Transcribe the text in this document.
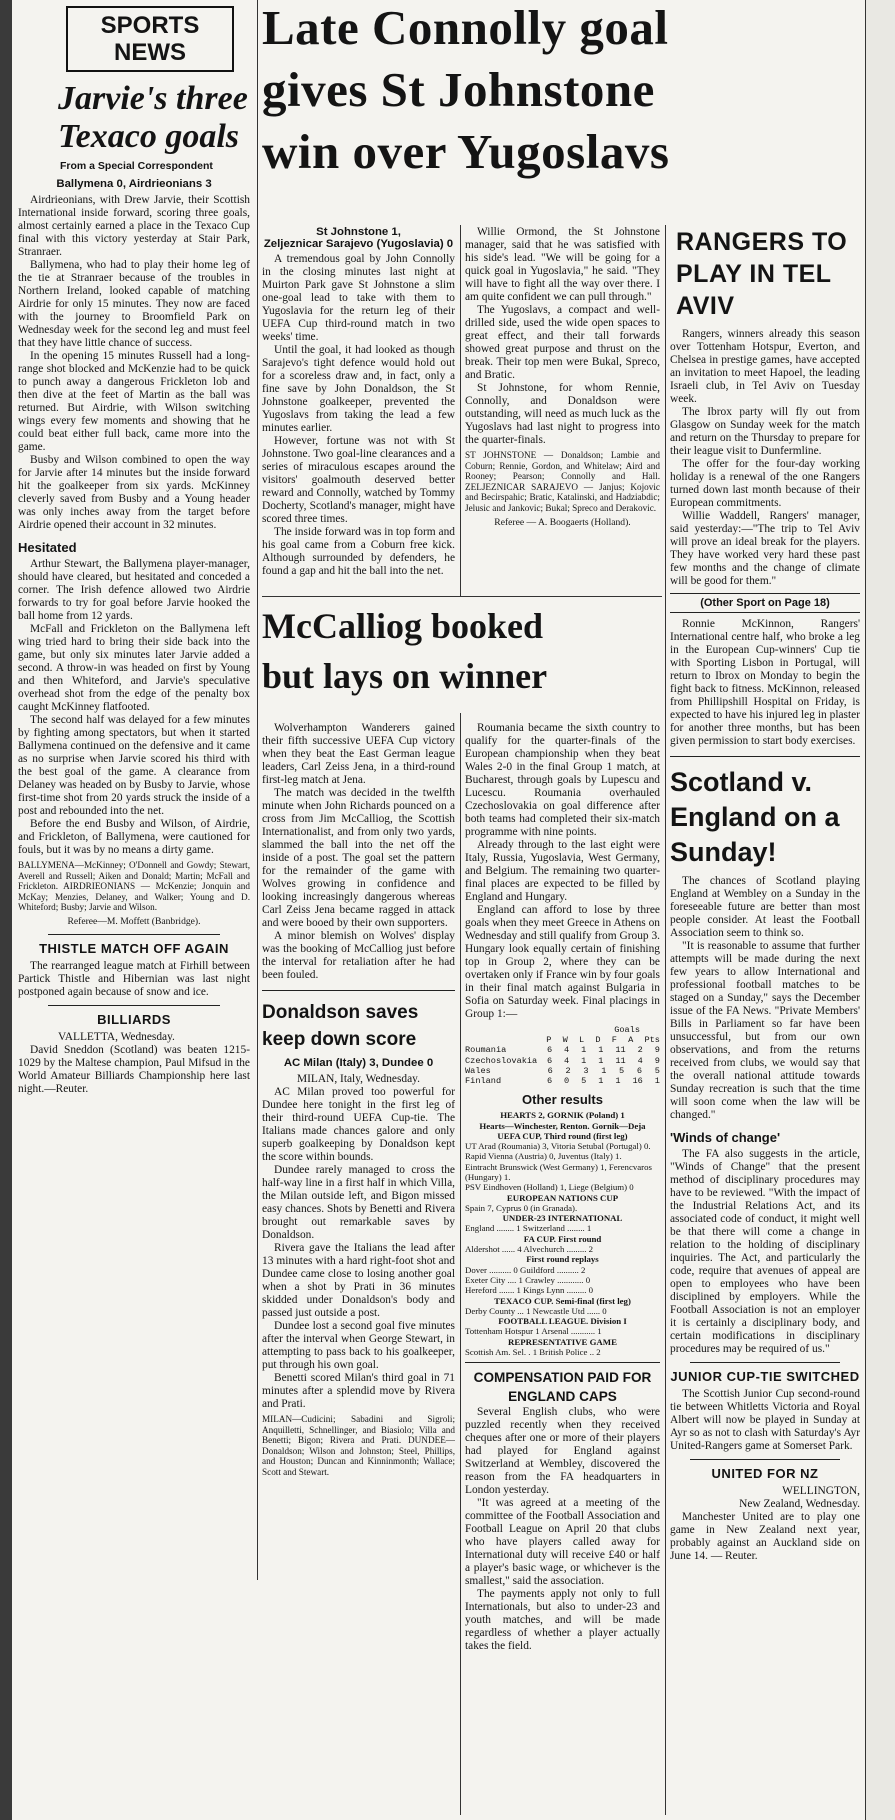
SPORTS
NEWS
Jarvie's three Texaco goals
From a Special Correspondent
Ballymena 0, Airdrieonians 3

Airdrieonians, with Drew Jarvie, their Scottish International inside forward, scoring three goals, almost certainly earned a place in the Texaco Cup final with this victory yesterday at Stair Park, Stranraer.

Ballymena, who had to play their home leg of the tie at Stranraer because of the troubles in Northern Ireland, looked capable of matching Airdrie for only 15 minutes. They now are faced with the journey to Broomfield Park on Wednesday week for the second leg and must feel that they have little chance of success.

In the opening 15 minutes Russell had a long-range shot blocked and McKenzie had to be quick to punch away a dangerous Frickleton lob and then dive at the feet of Martin as the ball was returned. But Airdrie, with Wilson switching wings every few moments and showing that he could beat either full back, came more into the game.

Busby and Wilson combined to open the way for Jarvie after 14 minutes but the inside forward hit the goalkeeper from six yards. McKinney cleverly saved from Busby and a Young header was only inches away from the target before Airdrie opened their account in 32 minutes.

Hesitated

Arthur Stewart, the Ballymena player-manager, should have cleared, but hesitated and conceded a corner. The Irish defence allowed two Airdrie forwards to try for goal before Jarvie hooked the ball home from 12 yards.

McFall and Frickleton on the Ballymena left wing tried hard to bring their side back into the game, but only six minutes later Jarvie added a second. A throw-in was headed on first by Young and then Whiteford, and Jarvie's speculative overhead shot from the edge of the penalty box caught McKinney flatfooted.

The second half was delayed for a few minutes by fighting among spectators, but when it started Ballymena continued on the defensive and it came as no surprise when Jarvie scored his third with the best goal of the game. A clearance from Delaney was headed on by Busby to Jarvie, whose first-time shot from 20 yards struck the inside of a post and rebounded into the net.

Before the end Busby and Wilson, of Airdrie, and Frickleton, of Ballymena, were cautioned for fouls, but it was by no means a dirty game.

BALLYMENA—McKinney; O'Donnell and Gowdy; Stewart, Averell and Russell; Aiken and Donald; Martin; McFall and Frickleton. AIRDRIEONIANS — McKenzie; Jonquin and McKay; Menzies, Delaney, and Walker; Young and D. Whiteford; Busby; Jarvie and Wilson.

Referee—M. Moffett (Banbridge).

THISTLE MATCH OFF AGAIN

The rearranged league match at Firhill between Partick Thistle and Hibernian was last night postponed again because of snow and ice.

BILLIARDS

VALLETTA, Wednesday.

David Sneddon (Scotland) was beaten 1215-1029 by the Maltese champion, Paul Mifsud in the World Amateur Billiards Championship here last night.—Reuter.

Late Connolly goal
gives St Johnstone
win over Yugoslavs
St Johnstone 1,
Zeljeznicar Sarajevo (Yugoslavia) 0

A tremendous goal by John Connolly in the closing minutes last night at Muirton Park gave St Johnstone a slim one-goal lead to take with them to Yugoslavia for the return leg of their UEFA Cup third-round match in two weeks' time.

Until the goal, it had looked as though Sarajevo's tight defence would hold out for a scoreless draw and, in fact, only a fine save by John Donaldson, the St Johnstone goalkeeper, prevented the Yugoslavs from taking the lead a few minutes earlier.

However, fortune was not with St Johnstone. Two goal-line clearances and a series of miraculous escapes around the visitors' goalmouth deserved better reward and Connolly, watched by Tommy Docherty, Scotland's manager, might have scored three times.

The inside forward was in top form and his goal came from a Coburn free kick. Although surrounded by defenders, he found a gap and hit the ball into the net.

Willie Ormond, the St Johnstone manager, said that he was satisfied with his side's lead. "We will be going for a quick goal in Yugoslavia," he said. "They will have to fight all the way over there. I am quite confident we can pull through."

The Yugoslavs, a compact and well-drilled side, used the wide open spaces to great effect, and their tall forwards showed great purpose and thrust on the break. Their top men were Bukal, Spreco, and Bratic.

St Johnstone, for whom Rennie, Connolly, and Donaldson were outstanding, will need as much luck as the Yugoslavs had last night to progress into the quarter-finals.

ST JOHNSTONE — Donaldson; Lambie and Coburn; Rennie, Gordon, and Whitelaw; Aird and Rooney; Pearson; Connolly and Hall. ZELJEZNICAR SARAJEVO — Janjus; Kojovic and Becirspahic; Bratic, Katalinski, and Hadziabdic; Jelusic and Jankovic; Bukal; Spreco and Derakovic.

Referee — A. Boogaerts (Holland).

McCalliog booked
but lays on winner

Wolverhampton Wanderers gained their fifth successive UEFA Cup victory when they beat the East German league leaders, Carl Zeiss Jena, in a third-round first-leg match at Jena.

The match was decided in the twelfth minute when John Richards pounced on a cross from Jim McCalliog, the Scottish Internationalist, and from only two yards, slammed the ball into the net off the inside of a post. The goal set the pattern for the remainder of the game with Wolves growing in confidence and looking increasingly dangerous whereas Carl Zeiss Jena became ragged in attack and were booed by their own supporters.

A minor blemish on Wolves' display was the booking of McCalliog just before the interval for retaliation after he had been fouled.

Donaldson saves keep down score
AC Milan (Italy) 3, Dundee 0

MILAN, Italy, Wednesday.

AC Milan proved too powerful for Dundee here tonight in the first leg of their third-round UEFA Cup-tie. The Italians made chances galore and only superb goalkeeping by Donaldson kept the score within bounds.

Dundee rarely managed to cross the half-way line in a first half in which Villa, the Milan outside left, and Bigon missed easy chances. Shots by Benetti and Rivera brought out remarkable saves by Donaldson.

Rivera gave the Italians the lead after 13 minutes with a hard right-foot shot and Dundee came close to losing another goal when a shot by Prati in 36 minutes skidded under Donaldson's body and passed just outside a post.

Dundee lost a second goal five minutes after the interval when George Stewart, in attempting to pass back to his goalkeeper, put through his own goal.

Benetti scored Milan's third goal in 71 minutes after a splendid move by Rivera and Prati.

MILAN—Cudicini; Sabadini and Sigroli; Anquilletti, Schnellinger, and Biasiolo; Villa and Benetti; Bigon; Rivera and Prati. DUNDEE—Donaldson; Wilson and Johnston; Steel, Phillips, and Houston; Duncan and Kinninmonth; Wallace; Scott and Stewart.

Roumania became the sixth country to qualify for the quarter-finals of the European championship when they beat Wales 2-0 in the final Group 1 match, at Bucharest, through goals by Lupescu and Lucescu. Roumania overhauled Czechoslovakia on goal difference after both teams had completed their six-match programme with nine points.

Already through to the last eight were Italy, Russia, Yugoslavia, West Germany, and Belgium. The remaining two quarter-final places are expected to be filled by England and Hungary.

England can afford to lose by three goals when they meet Greece in Athens on Wednesday and still qualify from Group 3. Hungary look equally certain of finishing top in Group 2, where they can be overtaken only if France win by four goals in their final match against Bulgaria in Sofia on Saturday week. Final placings in Group 1:—

Goals
P W L D F A Pts
Roumania	6 4 1 1 11 2 9
Czechoslovakia 6 4 1 1 11 4 9
Wales	6 2 3 1 5 6 5
Finland	6 0 5 1 1 16 1
Other results
HEARTS 2, GORNIK (Poland) 1
Hearts—Winchester, Renton. Gornik—Deja
UEFA CUP, Third round (first leg)
UT Arad (Roumania) 3, Vitoria Setubal (Portugal) 0.
Rapid Vienna (Austria) 0, Juventus (Italy) 1.
Eintracht Brunswick (West Germany) 1, Ferencvaros (Hungary) 1.
PSV Eindhoven (Holland) 1, Liege (Belgium) 0
EUROPEAN NATIONS CUP
Spain 7, Cyprus 0 (in Granada).
UNDER-23 INTERNATIONAL
England ........ 1 Switzerland ........ 1
FA CUP. First round
Aldershot ...... 4 Alvechurch ......... 2
First round replays
Dover .......... 0 Guildford .......... 2
Exeter City .... 1 Crawley ............ 0
Hereford ....... 1 Kings Lynn ......... 0
TEXACO CUP. Semi-final (first leg)
Derby County ... 1 Newcastle Utd ...... 0
FOOTBALL LEAGUE. Division I
Tottenham Hotspur 1 Arsenal ........... 1
REPRESENTATIVE GAME
Scottish Am. Sel. . 1 British Police .. 2
COMPENSATION PAID FOR ENGLAND CAPS

Several English clubs, who were puzzled recently when they received cheques after one or more of their players had played for England against Switzerland at Wembley, discovered the reason from the FA headquarters in London yesterday.

"It was agreed at a meeting of the committee of the Football Association and Football League on April 20 that clubs who have players called away for International duty will receive £40 or half a player's basic wage, or whichever is the smallest," said the association.

The payments apply not only to full Internationals, but also to under-23 and youth matches, and will be made regardless of whether a player actually takes the field.

RANGERS TO PLAY IN TEL AVIV

Rangers, winners already this season over Tottenham Hotspur, Everton, and Chelsea in prestige games, have accepted an invitation to meet Hapoel, the leading Israeli club, in Tel Aviv on Tuesday week.

The Ibrox party will fly out from Glasgow on Sunday week for the match and return on the Thursday to prepare for their league visit to Dunfermline.

The offer for the four-day working holiday is a renewal of the one Rangers turned down last month because of their European commitments.

Willie Waddell, Rangers' manager, said yesterday:—"The trip to Tel Aviv will prove an ideal break for the players. They have worked very hard these past few months and the change of climate will be good for them."

(Other Sport on Page 18)

Ronnie McKinnon, Rangers' International centre half, who broke a leg in the European Cup-winners' Cup tie with Sporting Lisbon in Portugal, will return to Ibrox on Monday to begin the fight back to fitness. McKinnon, released from Phillipshill Hospital on Friday, is expected to have his injured leg in plaster for another three months, but has been given permission to start body exercises.

Scotland v. England on a Sunday!

The chances of Scotland playing England at Wembley on a Sunday in the foreseeable future are better than most people consider. At least the Football Association seem to think so.

"It is reasonable to assume that further attempts will be made during the next few years to allow International and professional football matches to be staged on a Sunday," says the December issue of the FA News. "Private Members' Bills in Parliament so far have been unsuccessful, but from our own observations, and from the returns received from clubs, we would say that the overall national attitude towards Sunday recreation is such that the time will soon come when the law will be changed."

'Winds of change'

The FA also suggests in the article, "Winds of Change" that the present method of disciplinary procedures may have to be reviewed. "With the impact of the Industrial Relations Act, and its associated code of conduct, it might well be that there will come a change in relation to the holding of disciplinary inquiries. The Act, and particularly the code, require that avenues of appeal are open to employees who have been disciplined by employers. While the Football Association is not an employer it is certainly a disciplinary body, and certain modifications in disciplinary procedures may be required of us."

JUNIOR CUP-TIE SWITCHED

The Scottish Junior Cup second-round tie between Whitletts Victoria and Royal Albert will now be played in Sunday at Ayr so as not to clash with Saturday's Ayr United-Rangers game at Somerset Park.

UNITED FOR NZ

WELLINGTON,

New Zealand, Wednesday.

Manchester United are to play one game in New Zealand next year, probably against an Auckland side on June 14. — Reuter.
